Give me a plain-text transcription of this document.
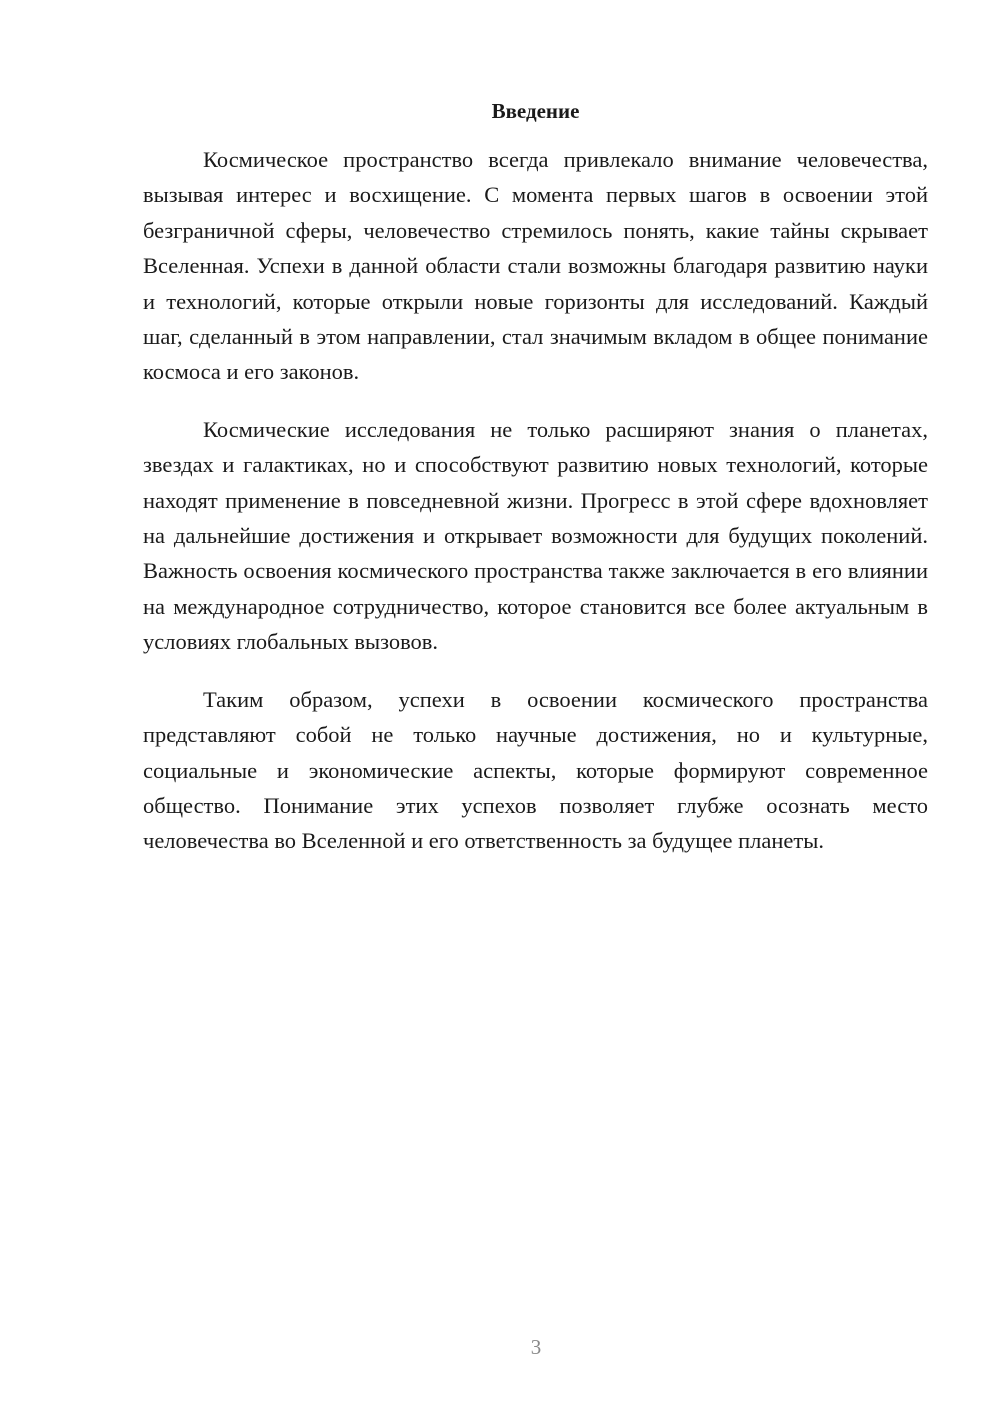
Введение

Космическое пространство всегда привлекало внимание человечества, вызывая интерес и восхищение. С момента первых шагов в освоении этой безграничной сферы, человечество стремилось понять, какие тайны скрывает Вселенная. Успехи в данной области стали возможны благодаря развитию науки и технологий, которые открыли новые горизонты для исследований. Каждый шаг, сделанный в этом направлении, стал значимым вкладом в общее понимание космоса и его законов.

Космические исследования не только расширяют знания о планетах, звездах и галактиках, но и способствуют развитию новых технологий, которые находят применение в повседневной жизни. Прогресс в этой сфере вдохновляет на дальнейшие достижения и открывает возможности для будущих поколений. Важность освоения космического пространства также заключается в его влиянии на международное сотрудничество, которое становится все более актуальным в условиях глобальных вызовов.

Таким образом, успехи в освоении космического пространства представляют собой не только научные достижения, но и культурные, социальные и экономические аспекты, которые формируют современное общество. Понимание этих успехов позволяет глубже осознать место человечества во Вселенной и его ответственность за будущее планеты.

3
